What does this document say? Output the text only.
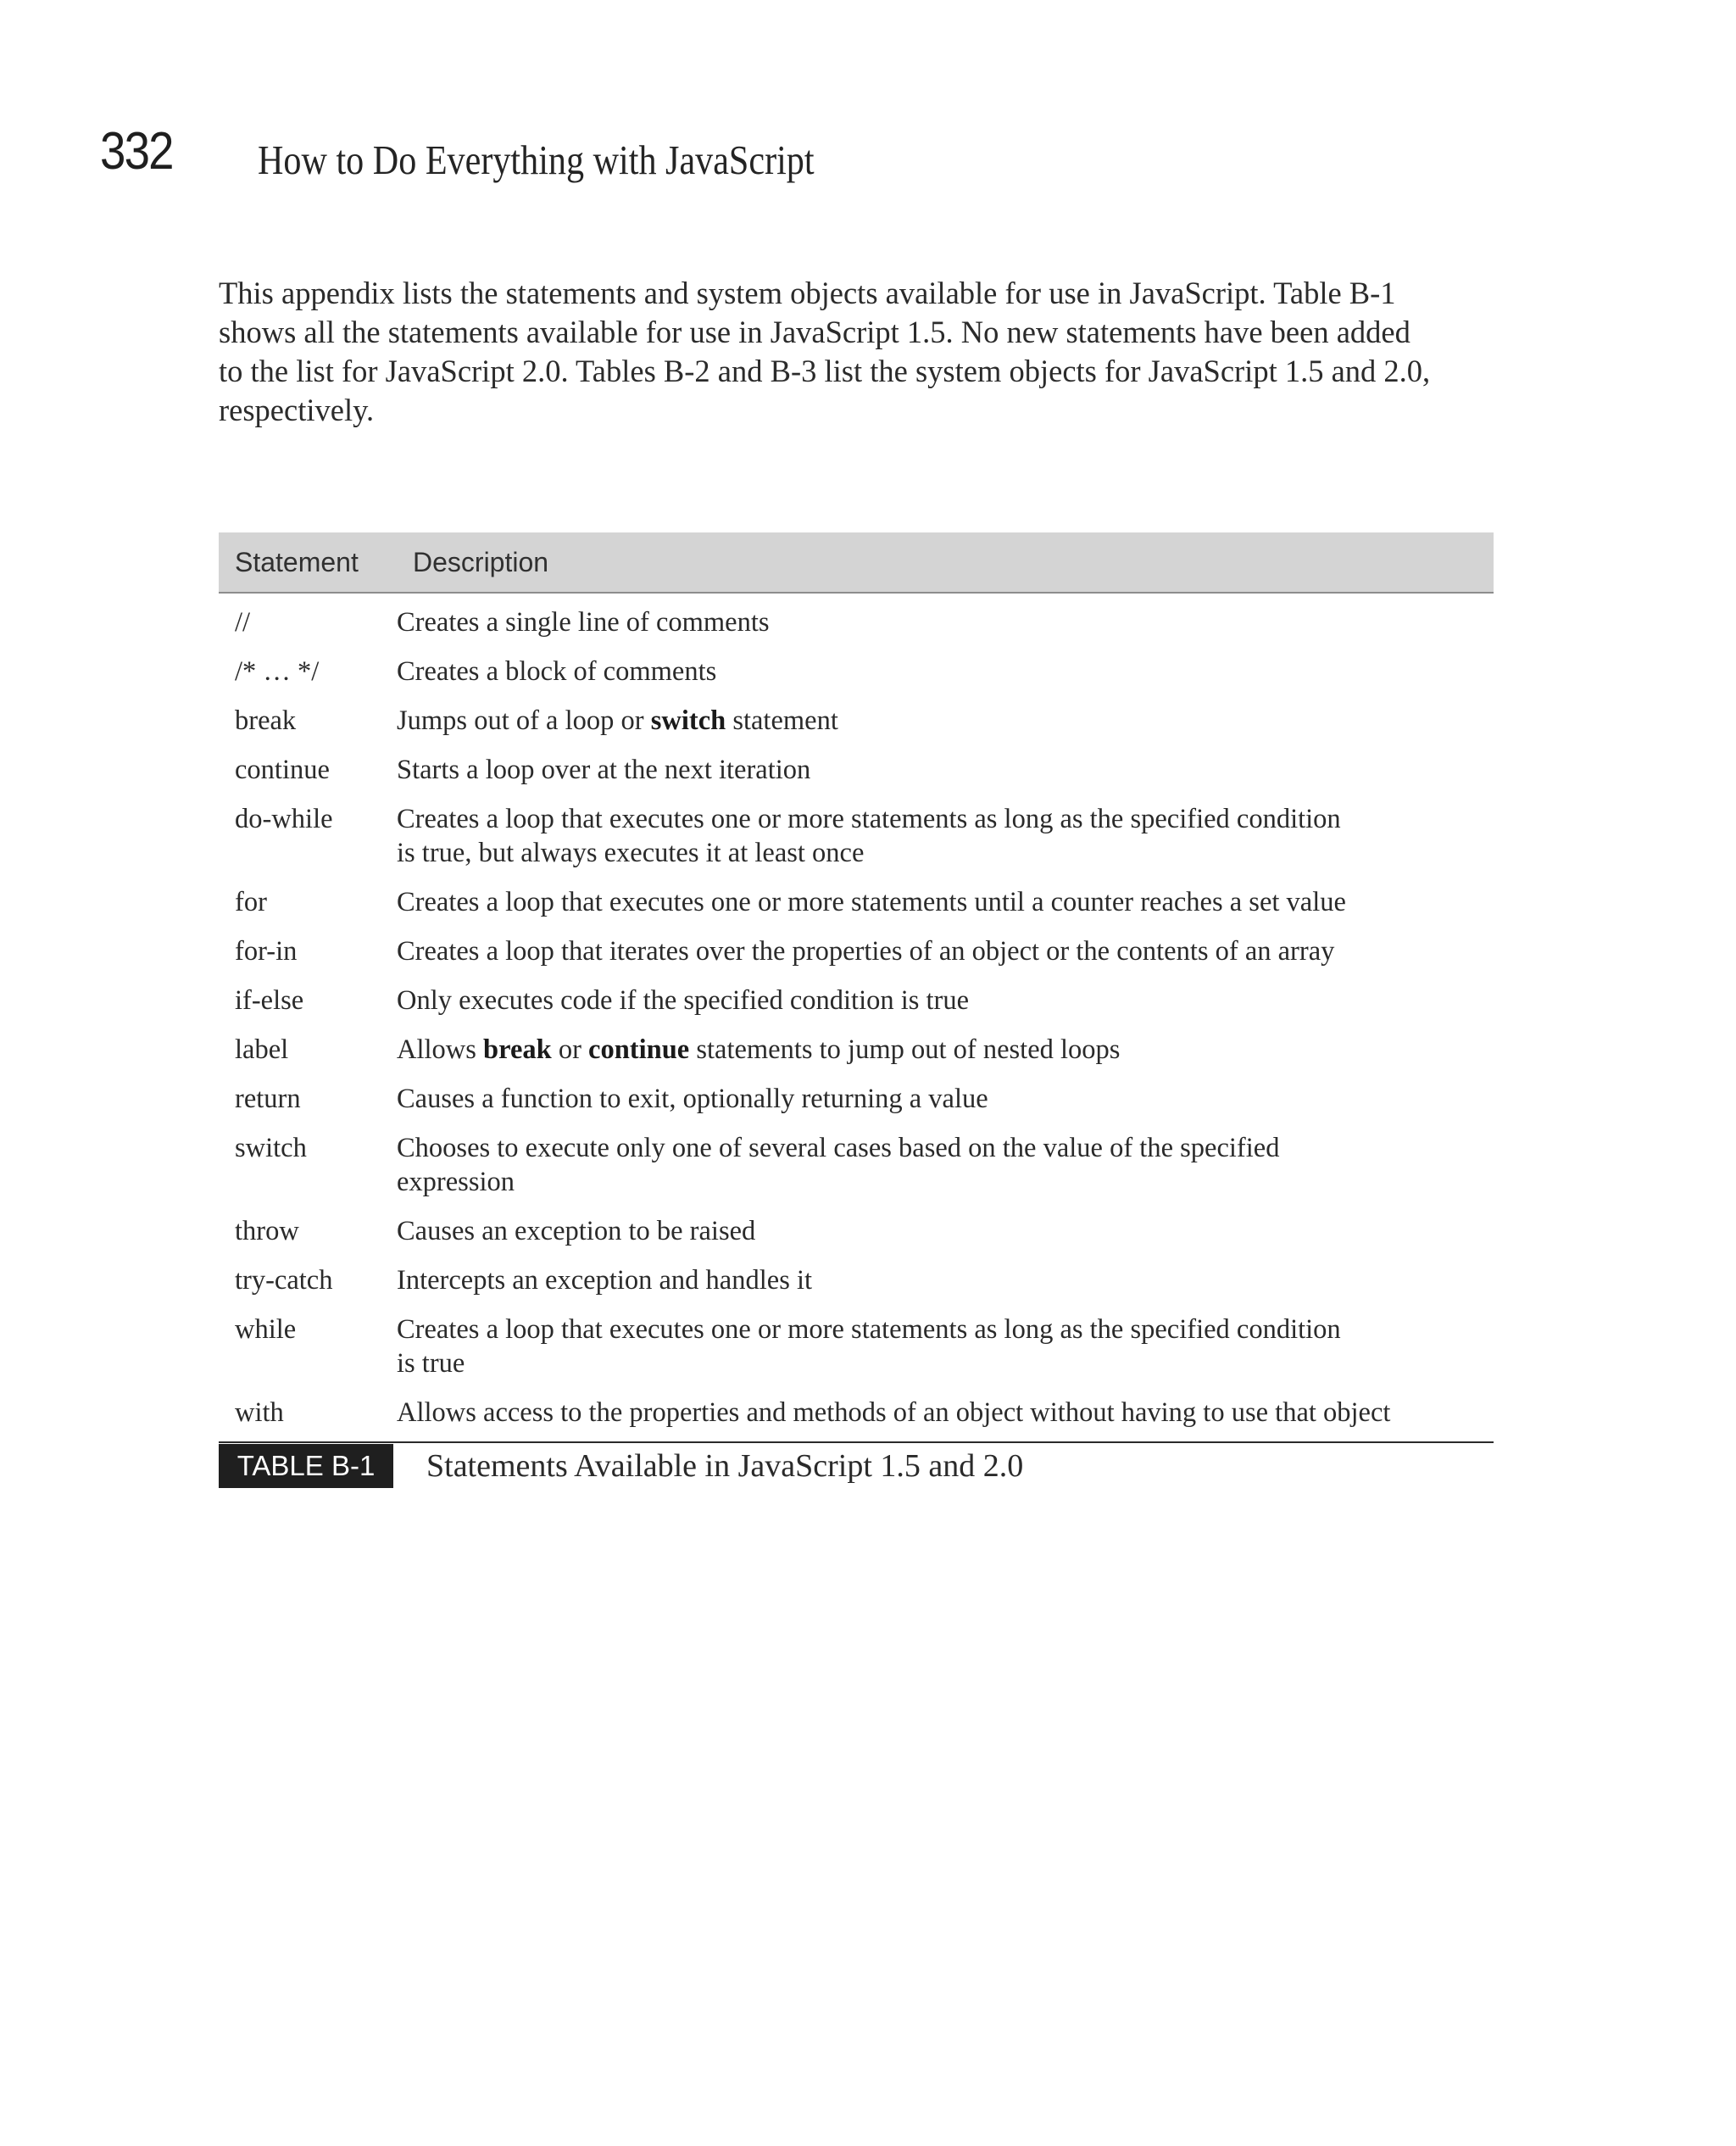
332 How to Do Everything with JavaScript

This appendix lists the statements and system objects available for use in JavaScript. Table B-1
shows all the statements available for use in JavaScript 1.5. No new statements have been added
to the list for JavaScript 2.0. Tables B-2 and B-3 list the system objects for JavaScript 1.5 and 2.0,
respectively.

Statement Description
//	Creates a single line of comments
/* … */	Creates a block of comments
break	Jumps out of a loop or switch statement
continue	Starts a loop over at the next iteration
do-while	Creates a loop that executes one or more statements as long as the specified condition
is true, but always executes it at least once
for	Creates a loop that executes one or more statements until a counter reaches a set value
for-in	Creates a loop that iterates over the properties of an object or the contents of an array
if-else	Only executes code if the specified condition is true
label	Allows break or continue statements to jump out of nested loops
return	Causes a function to exit, optionally returning a value
switch	Chooses to execute only one of several cases based on the value of the specified
expression
throw	Causes an exception to be raised
try-catch	Intercepts an exception and handles it
while	Creates a loop that executes one or more statements as long as the specified condition
is true
with	Allows access to the properties and methods of an object without having to use that object
TABLE B-1	Statements Available in JavaScript 1.5 and 2.0
